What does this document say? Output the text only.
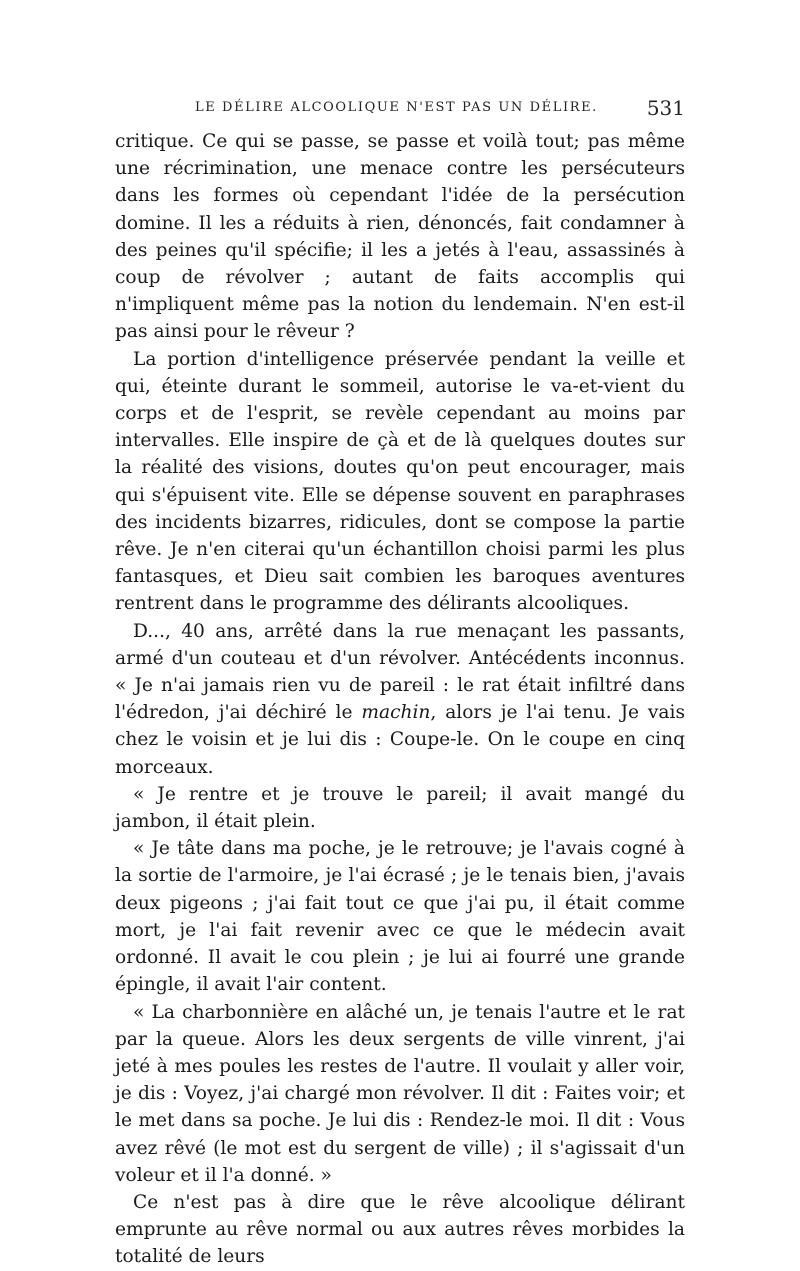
LE DÉLIRE ALCOOLIQUE N'EST PAS UN DÉLIRE. 531

critique. Ce qui se passe, se passe et voilà tout; pas même une récrimination, une menace contre les persécuteurs dans les formes où cependant l'idée de la persécution domine. Il les a réduits à rien, dénoncés, fait condamner à des peines qu'il spécifie; il les a jetés à l'eau, assassinés à coup de révolver ; autant de faits accomplis qui n'impliquent même pas la notion du lendemain. N'en est-il pas ainsi pour le rêveur ?

La portion d'intelligence préservée pendant la veille et qui, éteinte durant le sommeil, autorise le va-et-vient du corps et de l'esprit, se revèle cependant au moins par intervalles. Elle inspire de çà et de là quelques doutes sur la réalité des visions, doutes qu'on peut encourager, mais qui s'épuisent vite. Elle se dépense souvent en paraphrases des incidents bizarres, ridicules, dont se compose la partie rêve. Je n'en citerai qu'un échantillon choisi parmi les plus fantasques, et Dieu sait combien les baroques aventures rentrent dans le programme des délirants alcooliques.

D..., 40 ans, arrêté dans la rue menaçant les passants, armé d'un couteau et d'un révolver. Antécédents inconnus. « Je n'ai jamais rien vu de pareil : le rat était infiltré dans l'édredon, j'ai déchiré le machin, alors je l'ai tenu. Je vais chez le voisin et je lui dis : Coupe-le. On le coupe en cinq morceaux.

« Je rentre et je trouve le pareil; il avait mangé du jambon, il était plein.

« Je tâte dans ma poche, je le retrouve; je l'avais cogné à la sortie de l'armoire, je l'ai écrasé ; je le tenais bien, j'avais deux pigeons ; j'ai fait tout ce que j'ai pu, il était comme mort, je l'ai fait revenir avec ce que le médecin avait ordonné. Il avait le cou plein ; je lui ai fourré une grande épingle, il avait l'air content.

« La charbonnière en alâché un, je tenais l'autre et le rat par la queue. Alors les deux sergents de ville vinrent, j'ai jeté à mes poules les restes de l'autre. Il voulait y aller voir, je dis : Voyez, j'ai chargé mon révolver. Il dit : Faites voir; et le met dans sa poche. Je lui dis : Rendez-le moi. Il dit : Vous avez rêvé (le mot est du sergent de ville) ; il s'agissait d'un voleur et il l'a donné. »

Ce n'est pas à dire que le rêve alcoolique délirant emprunte au rêve normal ou aux autres rêves morbides la totalité de leurs
